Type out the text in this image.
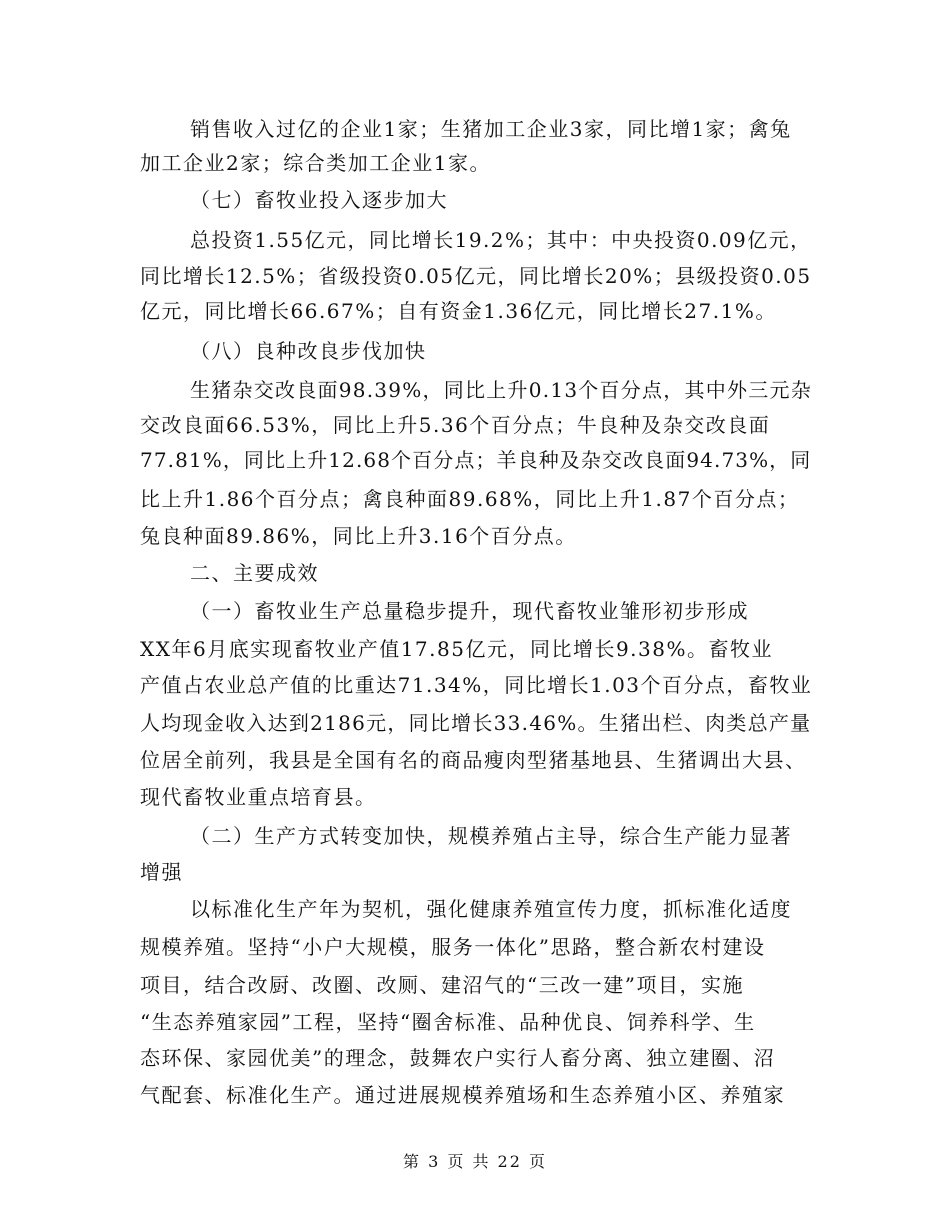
销售收入过亿的企业1家；生猪加工企业3家，同比增1家；禽兔
加工企业2家；综合类加工企业1家。
（七）畜牧业投入逐步加大
总投资1.55亿元，同比增长19.2%；其中：中央投资0.09亿元，
同比增长12.5%；省级投资0.05亿元，同比增长20%；县级投资0.05
亿元，同比增长66.67%；自有资金1.36亿元，同比增长27.1%。
（八）良种改良步伐加快
生猪杂交改良面98.39%，同比上升0.13个百分点，其中外三元杂
交改良面66.53%，同比上升5.36个百分点；牛良种及杂交改良面
77.81%，同比上升12.68个百分点；羊良种及杂交改良面94.73%，同
比上升1.86个百分点；禽良种面89.68%，同比上升1.87个百分点；
兔良种面89.86%，同比上升3.16个百分点。
二、主要成效
（一）畜牧业生产总量稳步提升，现代畜牧业雏形初步形成
XX年6月底实现畜牧业产值17.85亿元，同比增长9.38%。畜牧业
产值占农业总产值的比重达71.34%，同比增长1.03个百分点，畜牧业
人均现金收入达到2186元，同比增长33.46%。生猪出栏、肉类总产量
位居全前列，我县是全国有名的商品瘦肉型猪基地县、生猪调出大县、
现代畜牧业重点培育县。
（二）生产方式转变加快，规模养殖占主导，综合生产能力显著
增强
以标准化生产年为契机，强化健康养殖宣传力度，抓标准化适度
规模养殖。坚持“小户大规模，服务一体化”思路，整合新农村建设
项目，结合改厨、改圈、改厕、建沼气的“三改一建”项目，实施
“生态养殖家园”工程，坚持“圈舍标准、品种优良、饲养科学、生
态环保、家园优美”的理念，鼓舞农户实行人畜分离、独立建圈、沼
气配套、标准化生产。通过进展规模养殖场和生态养殖小区、养殖家
第 3 页 共 22 页
